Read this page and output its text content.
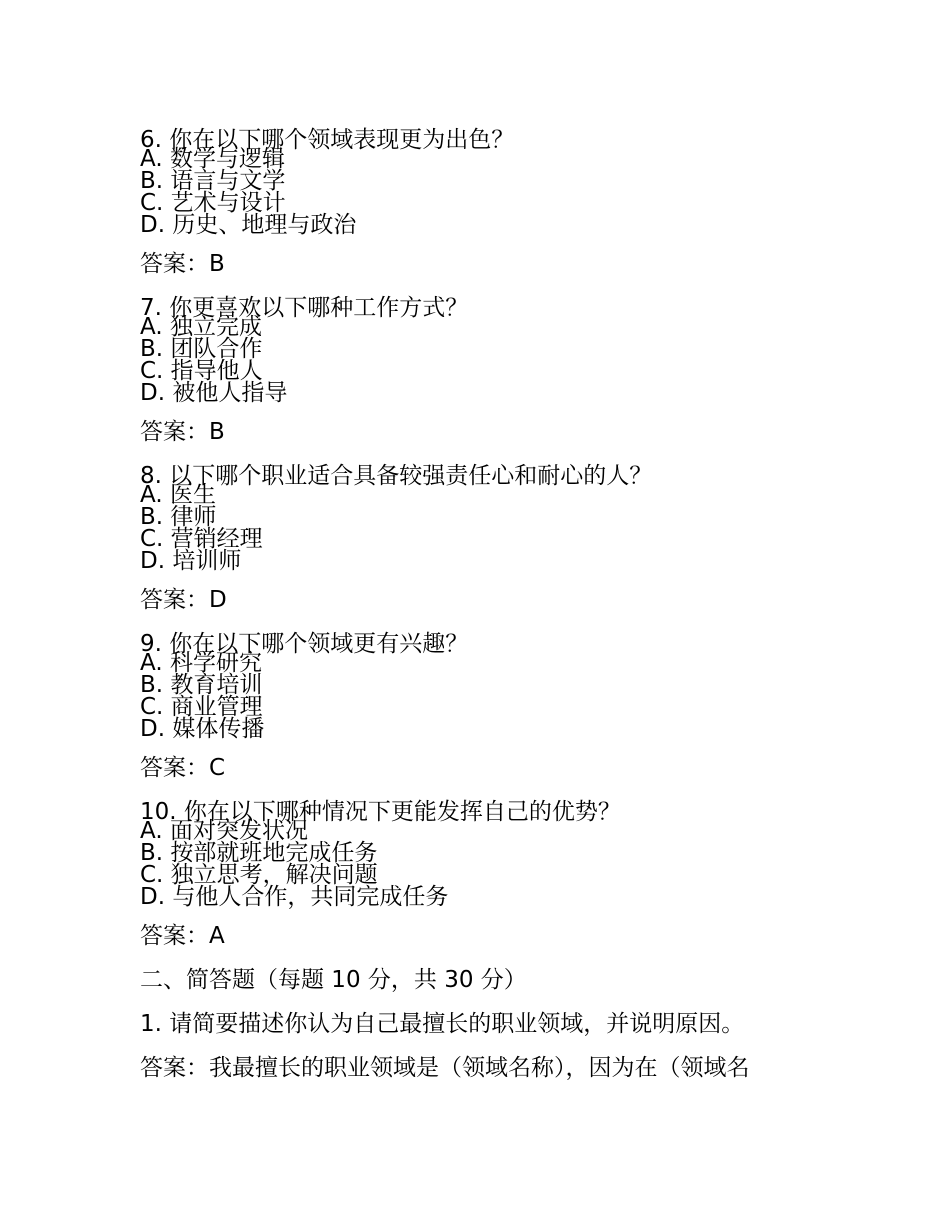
6. 你在以下哪个领域表现更为出色？
A. 数学与逻辑
B. 语言与文学
C. 艺术与设计
D. 历史、地理与政治
答案：B
7. 你更喜欢以下哪种工作方式？
A. 独立完成
B. 团队合作
C. 指导他人
D. 被他人指导
答案：B
8. 以下哪个职业适合具备较强责任心和耐心的人？
A. 医生
B. 律师
C. 营销经理
D. 培训师
答案：D
9. 你在以下哪个领域更有兴趣？
A. 科学研究
B. 教育培训
C. 商业管理
D. 媒体传播
答案：C
10. 你在以下哪种情况下更能发挥自己的优势？
A. 面对突发状况
B. 按部就班地完成任务
C. 独立思考，解决问题
D. 与他人合作，共同完成任务
答案：A
二、简答题（每题 10 分，共 30 分）
1. 请简要描述你认为自己最擅长的职业领域，并说明原因。
答案：我最擅长的职业领域是（领域名称），因为在（领域名
